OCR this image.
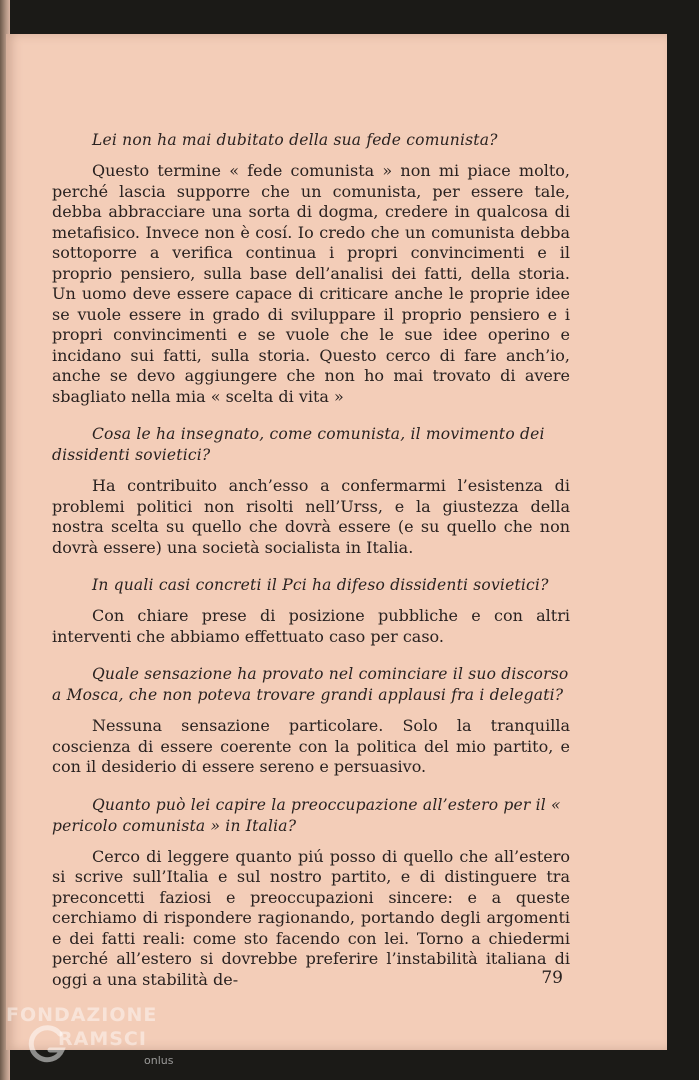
Lei non ha mai dubitato della sua fede comunista?

Questo termine « fede comunista » non mi piace molto, perché lascia supporre che un comunista, per essere tale, debba abbracciare una sorta di dogma, credere in qualcosa di metafisico. Invece non è cosí. Io credo che un comunista debba sottoporre a verifica continua i propri convincimenti e il proprio pensiero, sulla base dell’analisi dei fatti, della storia. Un uomo deve essere capace di criticare anche le proprie idee se vuole essere in grado di sviluppare il proprio pensiero e i propri convincimenti e se vuole che le sue idee operino e incidano sui fatti, sulla storia. Questo cerco di fare anch’io, anche se devo aggiungere che non ho mai trovato di avere sbagliato nella mia « scelta di vita »

Cosa le ha insegnato, come comunista, il movimento dei dissidenti sovietici?

Ha contribuito anch’esso a confermarmi l’esistenza di problemi politici non risolti nell’Urss, e la giustezza della nostra scelta su quello che dovrà essere (e su quello che non dovrà essere) una società socialista in Italia.

In quali casi concreti il Pci ha difeso dissidenti sovietici?

Con chiare prese di posizione pubbliche e con altri interventi che abbiamo effettuato caso per caso.

Quale sensazione ha provato nel cominciare il suo discorso a Mosca, che non poteva trovare grandi applausi fra i delegati?

Nessuna sensazione particolare. Solo la tranquilla coscienza di essere coerente con la politica del mio partito, e con il desiderio di essere sereno e persuasivo.

Quanto può lei capire la preoccupazione all’estero per il « pericolo comunista » in Italia?

Cerco di leggere quanto piú posso di quello che all’estero si scrive sull’Italia e sul nostro partito, e di distinguere tra preconcetti faziosi e preoccupazioni sincere: e a queste cerchiamo di rispondere ragionando, portando degli argomenti e dei fatti reali: come sto facendo con lei. Torno a chiedermi perché all’estero si dovrebbe preferire l’instabilità italiana di oggi a una stabilità de-	79
FONDAZIONE
RAMSCI
onlus
